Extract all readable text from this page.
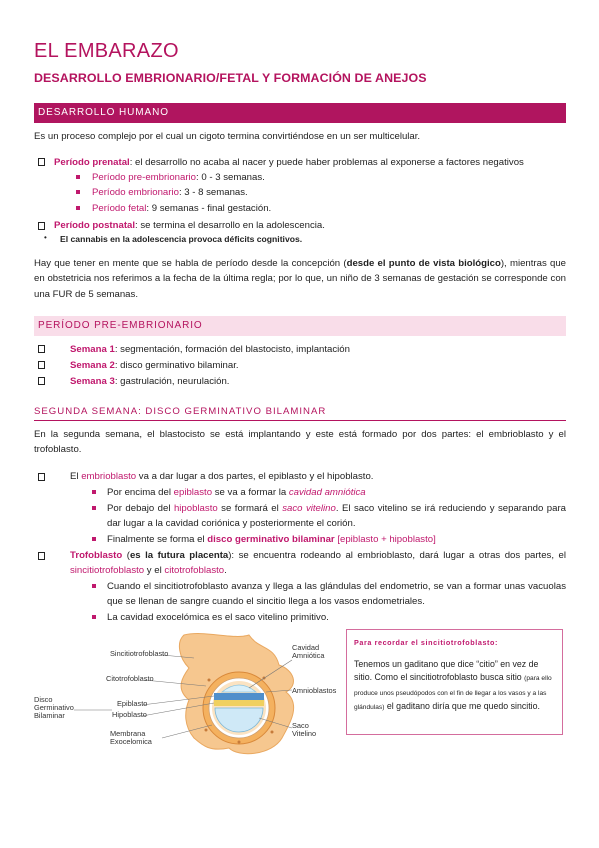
EL EMBARAZO
DESARROLLO EMBRIONARIO/FETAL Y FORMACIÓN DE ANEJOS
DESARROLLO HUMANO
Es un proceso complejo por el cual un cigoto termina convirtiéndose en un ser multicelular.
Período prenatal: el desarrollo no acaba al nacer y puede haber problemas al exponerse a factores negativos
Período pre-embrionario: 0 - 3 semanas.
Período embrionario: 3 - 8 semanas.
Período fetal: 9 semanas - final gestación.
Período postnatal: se termina el desarrollo en la adolescencia.
• El cannabis en la adolescencia provoca déficits cognitivos.
Hay que tener en mente que se habla de período desde la concepción (desde el punto de vista biológico), mientras que en obstetricia nos referimos a la fecha de la última regla; por lo que, un niño de 3 semanas de gestación se corresponde con una FUR de 5 semanas.
PERÍODO PRE-EMBRIONARIO
Semana 1: segmentación, formación del blastocisto, implantación
Semana 2: disco germinativo bilaminar.
Semana 3: gastrulación, neurulación.
SEGUNDA SEMANA: DISCO GERMINATIVO BILAMINAR
En la segunda semana, el blastocisto se está implantando y este está formado por dos partes: el embrioblasto y el trofoblasto.
El embrioblasto va a dar lugar a dos partes, el epiblasto y el hipoblasto.
Por encima del epiblasto se va a formar la cavidad amniótica
Por debajo del hipoblasto se formará el saco vitelino. El saco vitelino se irá reduciendo y separando para dar lugar a la cavidad coriónica y posteriormente el corión.
Finalmente se forma el disco germinativo bilaminar [epiblasto + hipoblasto]
Trofoblasto (es la futura placenta): se encuentra rodeando al embrioblasto, dará lugar a otras dos partes, el sincitiotrofoblasto y el citotrofoblasto.
Cuando el sincitiotrofoblasto avanza y llega a las glándulas del endometrio, se van a formar unas vacuolas que se llenan de sangre cuando el sincitio llega a los vasos endometriales.
La cavidad exocelómica es el saco vitelino primitivo.
Para recordar el sincitiotrofoblasto:
Tenemos un gaditano que dice “citio” en vez de sitio. Como el sincitiotrofoblasto busca sitio (para ello produce unos pseudópodos con el fin de llegar a los vasos y a las glándulas) el gaditano diría que me quedo sincitio.
Sincitiotrofoblasto
Citotrofoblasto
Epiblasto
Hipoblasto
Disco
Germinativo
Bilaminar
Membrana
Exocelomica
Cavidad
Amniótica
Amnioblastos
Saco
Vitelino
